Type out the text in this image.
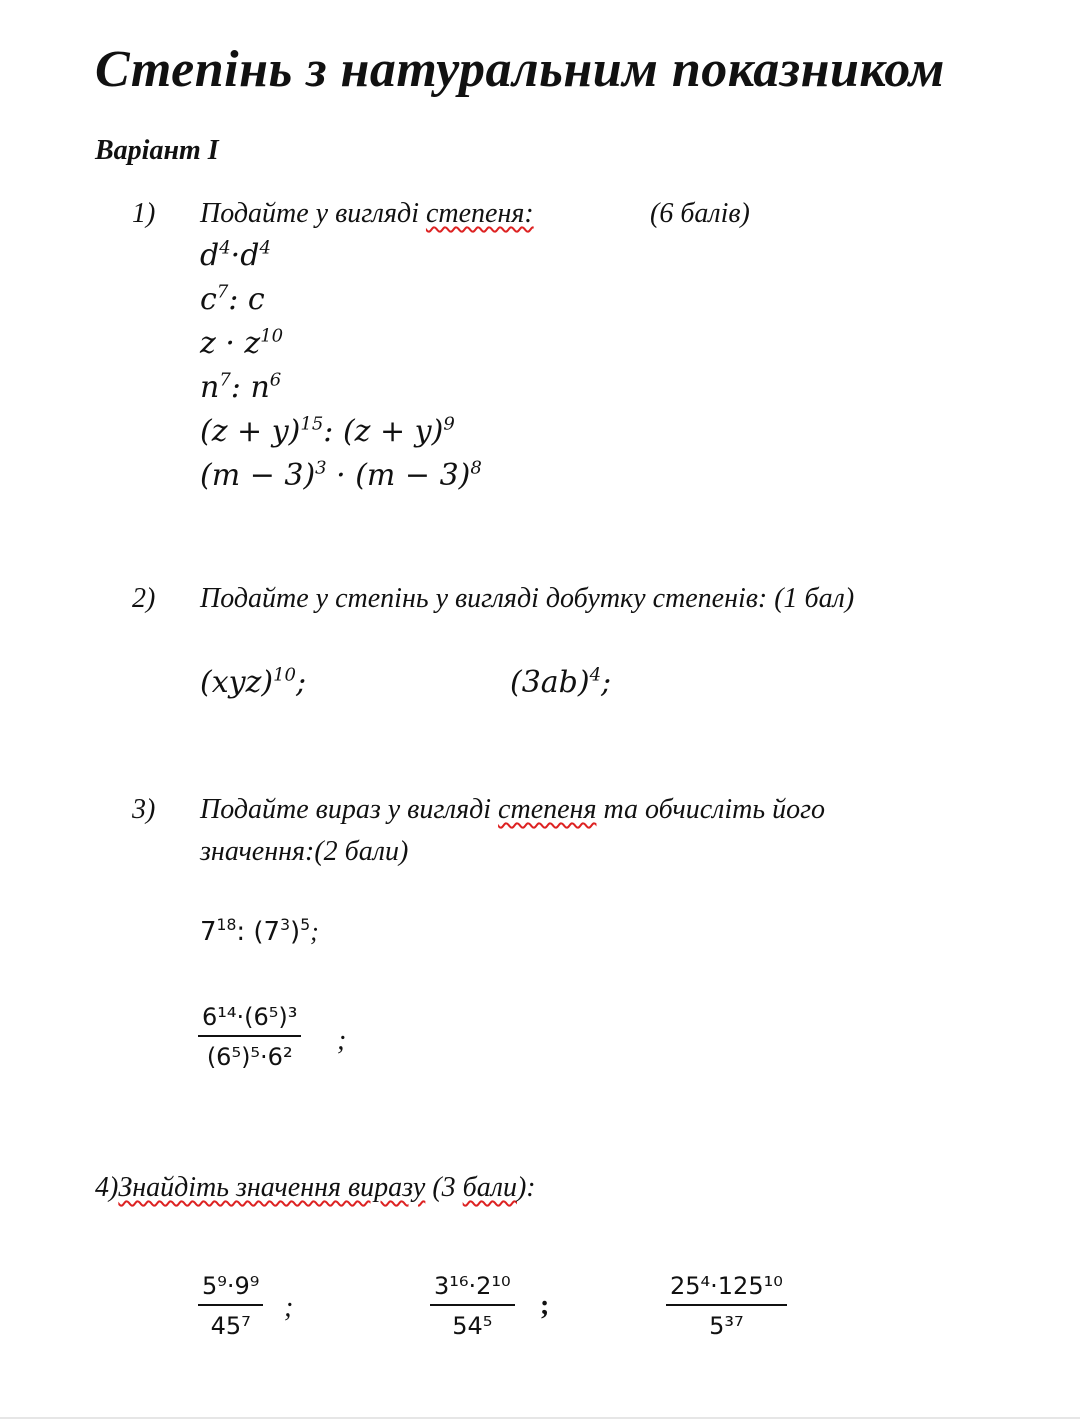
Степінь з натуральним показником
Варіант І
1) Подайте у вигляді степеня:	(6 балів)
$d^4\cdot d^4$
$c^7$: c
$z \cdot z^{10}$
$n^7$: $n^6$
$(z + y)^{15}$: $(z + y)^9$
$(m - 3)^3 \cdot (m - 3)^8$
2) Подайте у степінь у вигляді добутку степенів: (1 бал)
(xyz)$^{10}$;	$(3ab)^4$;
3) Подайте вираз у вигляді степеня та обчисліть його
значення:(2 бали)
$7^{18}$: $(7^3)^5$;
6¹⁴·(6⁵)³
(6⁵)⁵·6²
;
4)Знайдіть значення виразу (3 бали):
5⁹·9⁹
45⁷
;
3¹⁶·2¹⁰
54⁵
;
25⁴·125¹⁰
5³⁷
